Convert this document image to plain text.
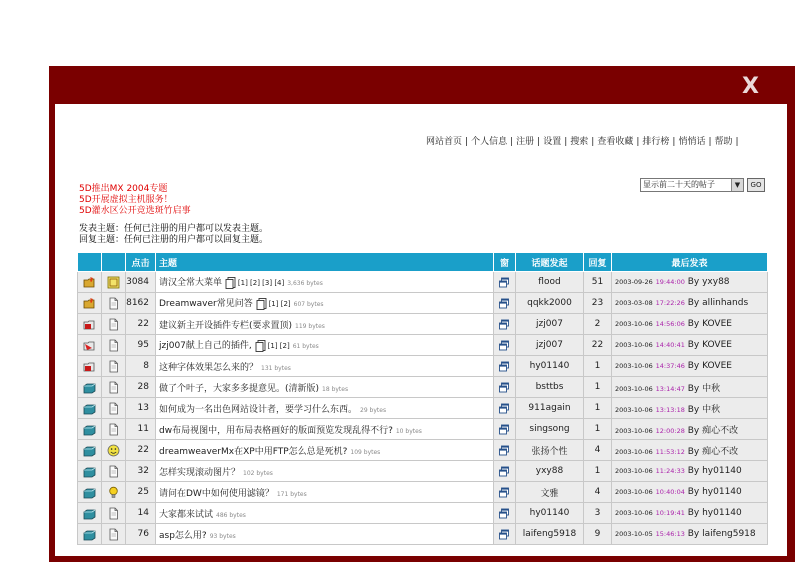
X
网站首页 | 个人信息 | 注册 | 设置 | 搜索 | 查看收藏 | 排行榜 | 悄悄话 | 帮助 |
5D推出MX 2004专题
5D开展虚拟主机服务！
5D灌水区公开竞选斑竹启事
发表主题：任何已注册的用户都可以发表主题。
回复主题：任何已注册的用户都可以回复主题。
显示前二十天的帖子	▼	GO
		点击	主题	窗	话题发起	回复	最后发表
		3084	请汉全常大菜单 [1] [2] [3] [4] 3,636 bytes		flood	51	2003-09-26 19:44:00 By yxy88
		8162	Dreamwaver常见问答 [1] [2] 607 bytes		qqkk2000	23	2003-03-08 17:22:26 By allinhands
		22	建议新主开设插件专栏(要求置顶) 119 bytes		jzj007	2	2003-10-06 14:56:06 By KOVEE
		95	jzj007献上自己的插件, [1] [2] 61 bytes		jzj007	22	2003-10-06 14:40:41 By KOVEE
		8	这种字体效果怎么来的？ 131 bytes		hy01140	1	2003-10-06 14:37:46 By KOVEE
		28	做了个叶子，大家多多提意见。(清新版) 18 bytes		bsttbs	1	2003-10-06 13:14:47 By 中秋
		13	如何成为一名出色网站设计者，要学习什么东西。 29 bytes		911again	1	2003-10-06 13:13:18 By 中秋
		11	dw布局视图中，用布局表格画好的版面预览发现乱得不行? 10 bytes		singsong	1	2003-10-06 12:00:28 By 痴心不改
		22	dreamweaverMx在XP中用FTP怎么总是死机? 109 bytes		张扬个性	4	2003-10-06 11:53:12 By 痴心不改
		32	怎样实现滚动图片？ 102 bytes		yxy88	1	2003-10-06 11:24:33 By hy01140
		25	请问在DW中如何使用滤镜？ 171 bytes		文雅	4	2003-10-06 10:40:04 By hy01140
		14	大家都来试试 486 bytes		hy01140	3	2003-10-06 10:19:41 By hy01140
		76	asp怎么用? 93 bytes		laifeng5918	9	2003-10-05 15:46:13 By laifeng5918
